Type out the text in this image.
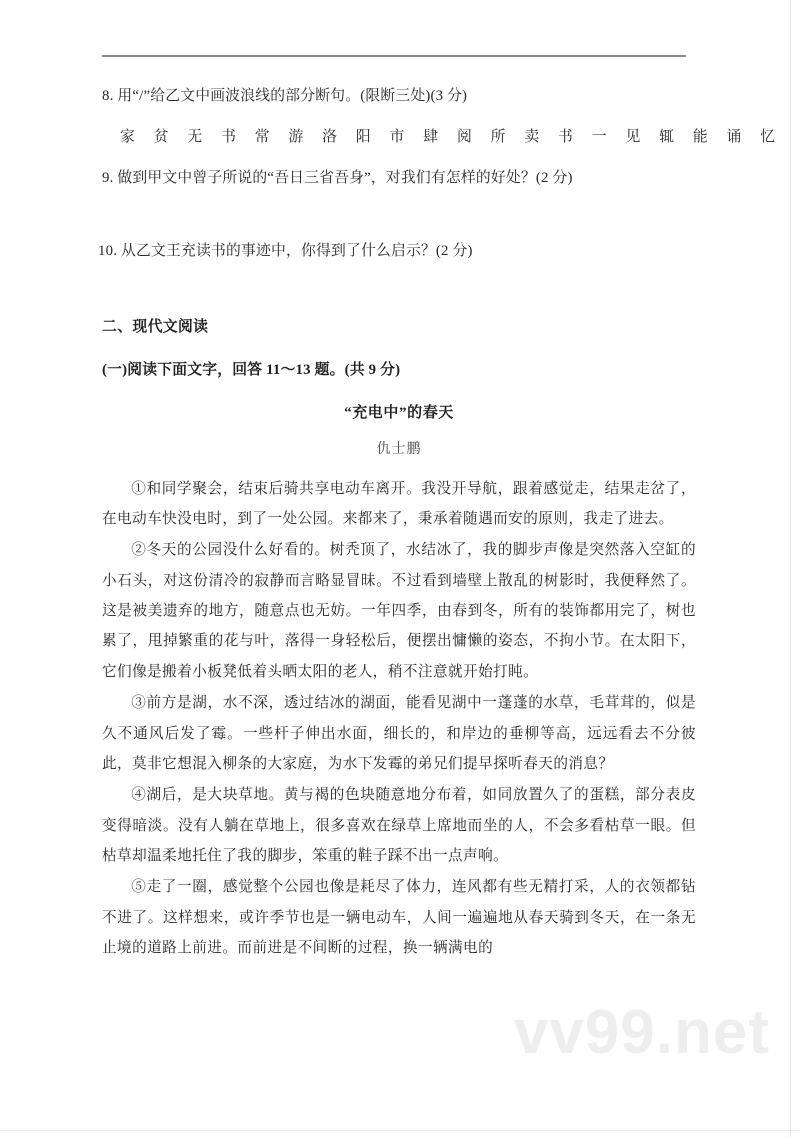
vv99.net
8. 用“/”给乙文中画波浪线的部分断句。(限断三处)(3 分)
家 贫 无 书 常 游 洛 阳 市 肆 阅 所 卖 书 一 见 辄 能 诵 忆
9. 做到甲文中曾子所说的“吾日三省吾身”，对我们有怎样的好处？(2 分)
10. 从乙文王充读书的事迹中，你得到了什么启示？(2 分)
二、现代文阅读
(一)阅读下面文字，回答 11～13 题。(共 9 分)
“充电中”的春天
仇士鹏

①和同学聚会，结束后骑共享电动车离开。我没开导航，跟着感觉走，结果走岔了，在电动车快没电时，到了一处公园。来都来了，秉承着随遇而安的原则，我走了进去。

②冬天的公园没什么好看的。树秃顶了，水结冰了，我的脚步声像是突然落入空缸的小石头，对这份清冷的寂静而言略显冒昧。不过看到墙壁上散乱的树影时，我便释然了。这是被美遗弃的地方，随意点也无妨。一年四季，由春到冬，所有的装饰都用完了，树也累了，甩掉繁重的花与叶，落得一身轻松后，便摆出慵懒的姿态，不拘小节。在太阳下，它们像是搬着小板凳低着头晒太阳的老人，稍不注意就开始打盹。

③前方是湖，水不深，透过结冰的湖面，能看见湖中一蓬蓬的水草，毛茸茸的，似是久不通风后发了霉。一些杆子伸出水面，细长的，和岸边的垂柳等高，远远看去不分彼此，莫非它想混入柳条的大家庭，为水下发霉的弟兄们提早探听春天的消息？

④湖后，是大块草地。黄与褐的色块随意地分布着，如同放置久了的蛋糕，部分表皮变得暗淡。没有人躺在草地上，很多喜欢在绿草上席地而坐的人，不会多看枯草一眼。但枯草却温柔地托住了我的脚步，笨重的鞋子踩不出一点声响。

⑤走了一圈，感觉整个公园也像是耗尽了体力，连风都有些无精打采，人的衣领都钻不进了。这样想来，或许季节也是一辆电动车，人间一遍遍地从春天骑到冬天，在一条无止境的道路上前进。而前进是不间断的过程，换一辆满电的
